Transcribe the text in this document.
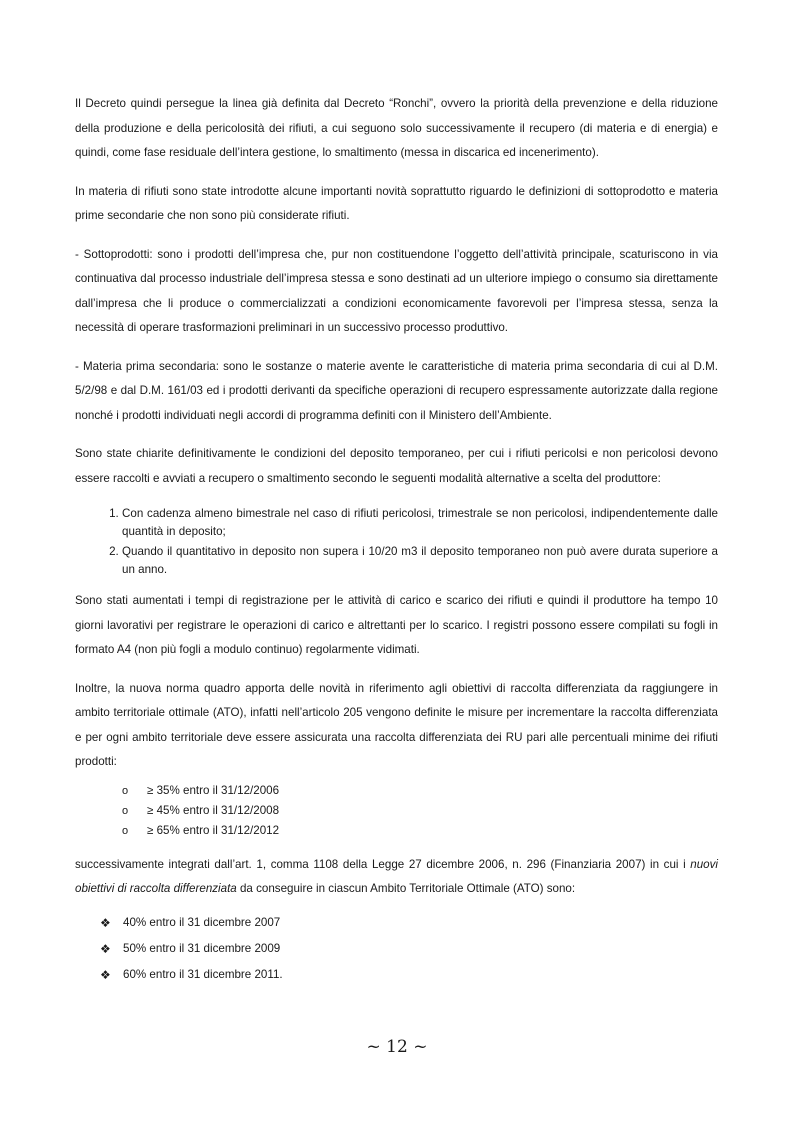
Il Decreto quindi persegue la linea già definita dal Decreto “Ronchi”, ovvero la priorità della prevenzione e della riduzione della produzione e della pericolosità dei rifiuti, a cui seguono solo successivamente il recupero (di materia e di energia) e quindi, come fase residuale dell’intera gestione, lo smaltimento (messa in discarica ed incenerimento).

In materia di rifiuti sono state introdotte alcune importanti novità soprattutto riguardo le definizioni di sottoprodotto e materia prime secondarie che non sono più considerate rifiuti.

- Sottoprodotti: sono i prodotti dell’impresa che, pur non costituendone l’oggetto dell’attività principale, scaturiscono in via continuativa dal processo industriale dell’impresa stessa e sono destinati ad un ulteriore impiego o consumo sia direttamente dall’impresa che li produce o commercializzati a condizioni economicamente favorevoli per l’impresa stessa, senza la necessità di operare trasformazioni preliminari in un successivo processo produttivo.

- Materia prima secondaria: sono le sostanze o materie avente le caratteristiche di materia prima secondaria di cui al D.M. 5/2/98 e dal D.M. 161/03 ed i prodotti derivanti da specifiche operazioni di recupero espressamente autorizzate dalla regione nonché i prodotti individuati negli accordi di programma definiti con il Ministero dell’Ambiente.

Sono state chiarite definitivamente le condizioni del deposito temporaneo, per cui i rifiuti pericolsi e non pericolosi devono essere raccolti e avviati a recupero o smaltimento secondo le seguenti modalità alternative a scelta del produttore:

1. Con cadenza almeno bimestrale nel caso di rifiuti pericolosi, trimestrale se non pericolosi, indipendentemente dalle quantità in deposito;
2. Quando il quantitativo in deposito non supera i 10/20 m3 il deposito temporaneo non può avere durata superiore a un anno.

Sono stati aumentati i tempi di registrazione per le attività di carico e scarico dei rifiuti e quindi il produttore ha tempo 10 giorni lavorativi per registrare le operazioni di carico e altrettanti per lo scarico. I registri possono essere compilati su fogli in formato A4 (non più fogli a modulo continuo) regolarmente vidimati.

Inoltre, la nuova norma quadro apporta delle novità in riferimento agli obiettivi di raccolta differenziata da raggiungere in ambito territoriale ottimale (ATO), infatti nell’articolo 205 vengono definite le misure per incrementare la raccolta differenziata e per ogni ambito territoriale deve essere assicurata una raccolta differenziata dei RU pari alle percentuali minime dei rifiuti prodotti:

o ≥ 35% entro il 31/12/2006
o ≥ 45% entro il 31/12/2008
o ≥ 65% entro il 31/12/2012

successivamente integrati dall’art. 1, comma 1108 della Legge 27 dicembre 2006, n. 296 (Finanziaria 2007) in cui i nuovi obiettivi di raccolta differenziata da conseguire in ciascun Ambito Territoriale Ottimale (ATO) sono:

❖ 40% entro il 31 dicembre 2007
❖ 50% entro il 31 dicembre 2009
❖ 60% entro il 31 dicembre 2011.
~ 12 ~
